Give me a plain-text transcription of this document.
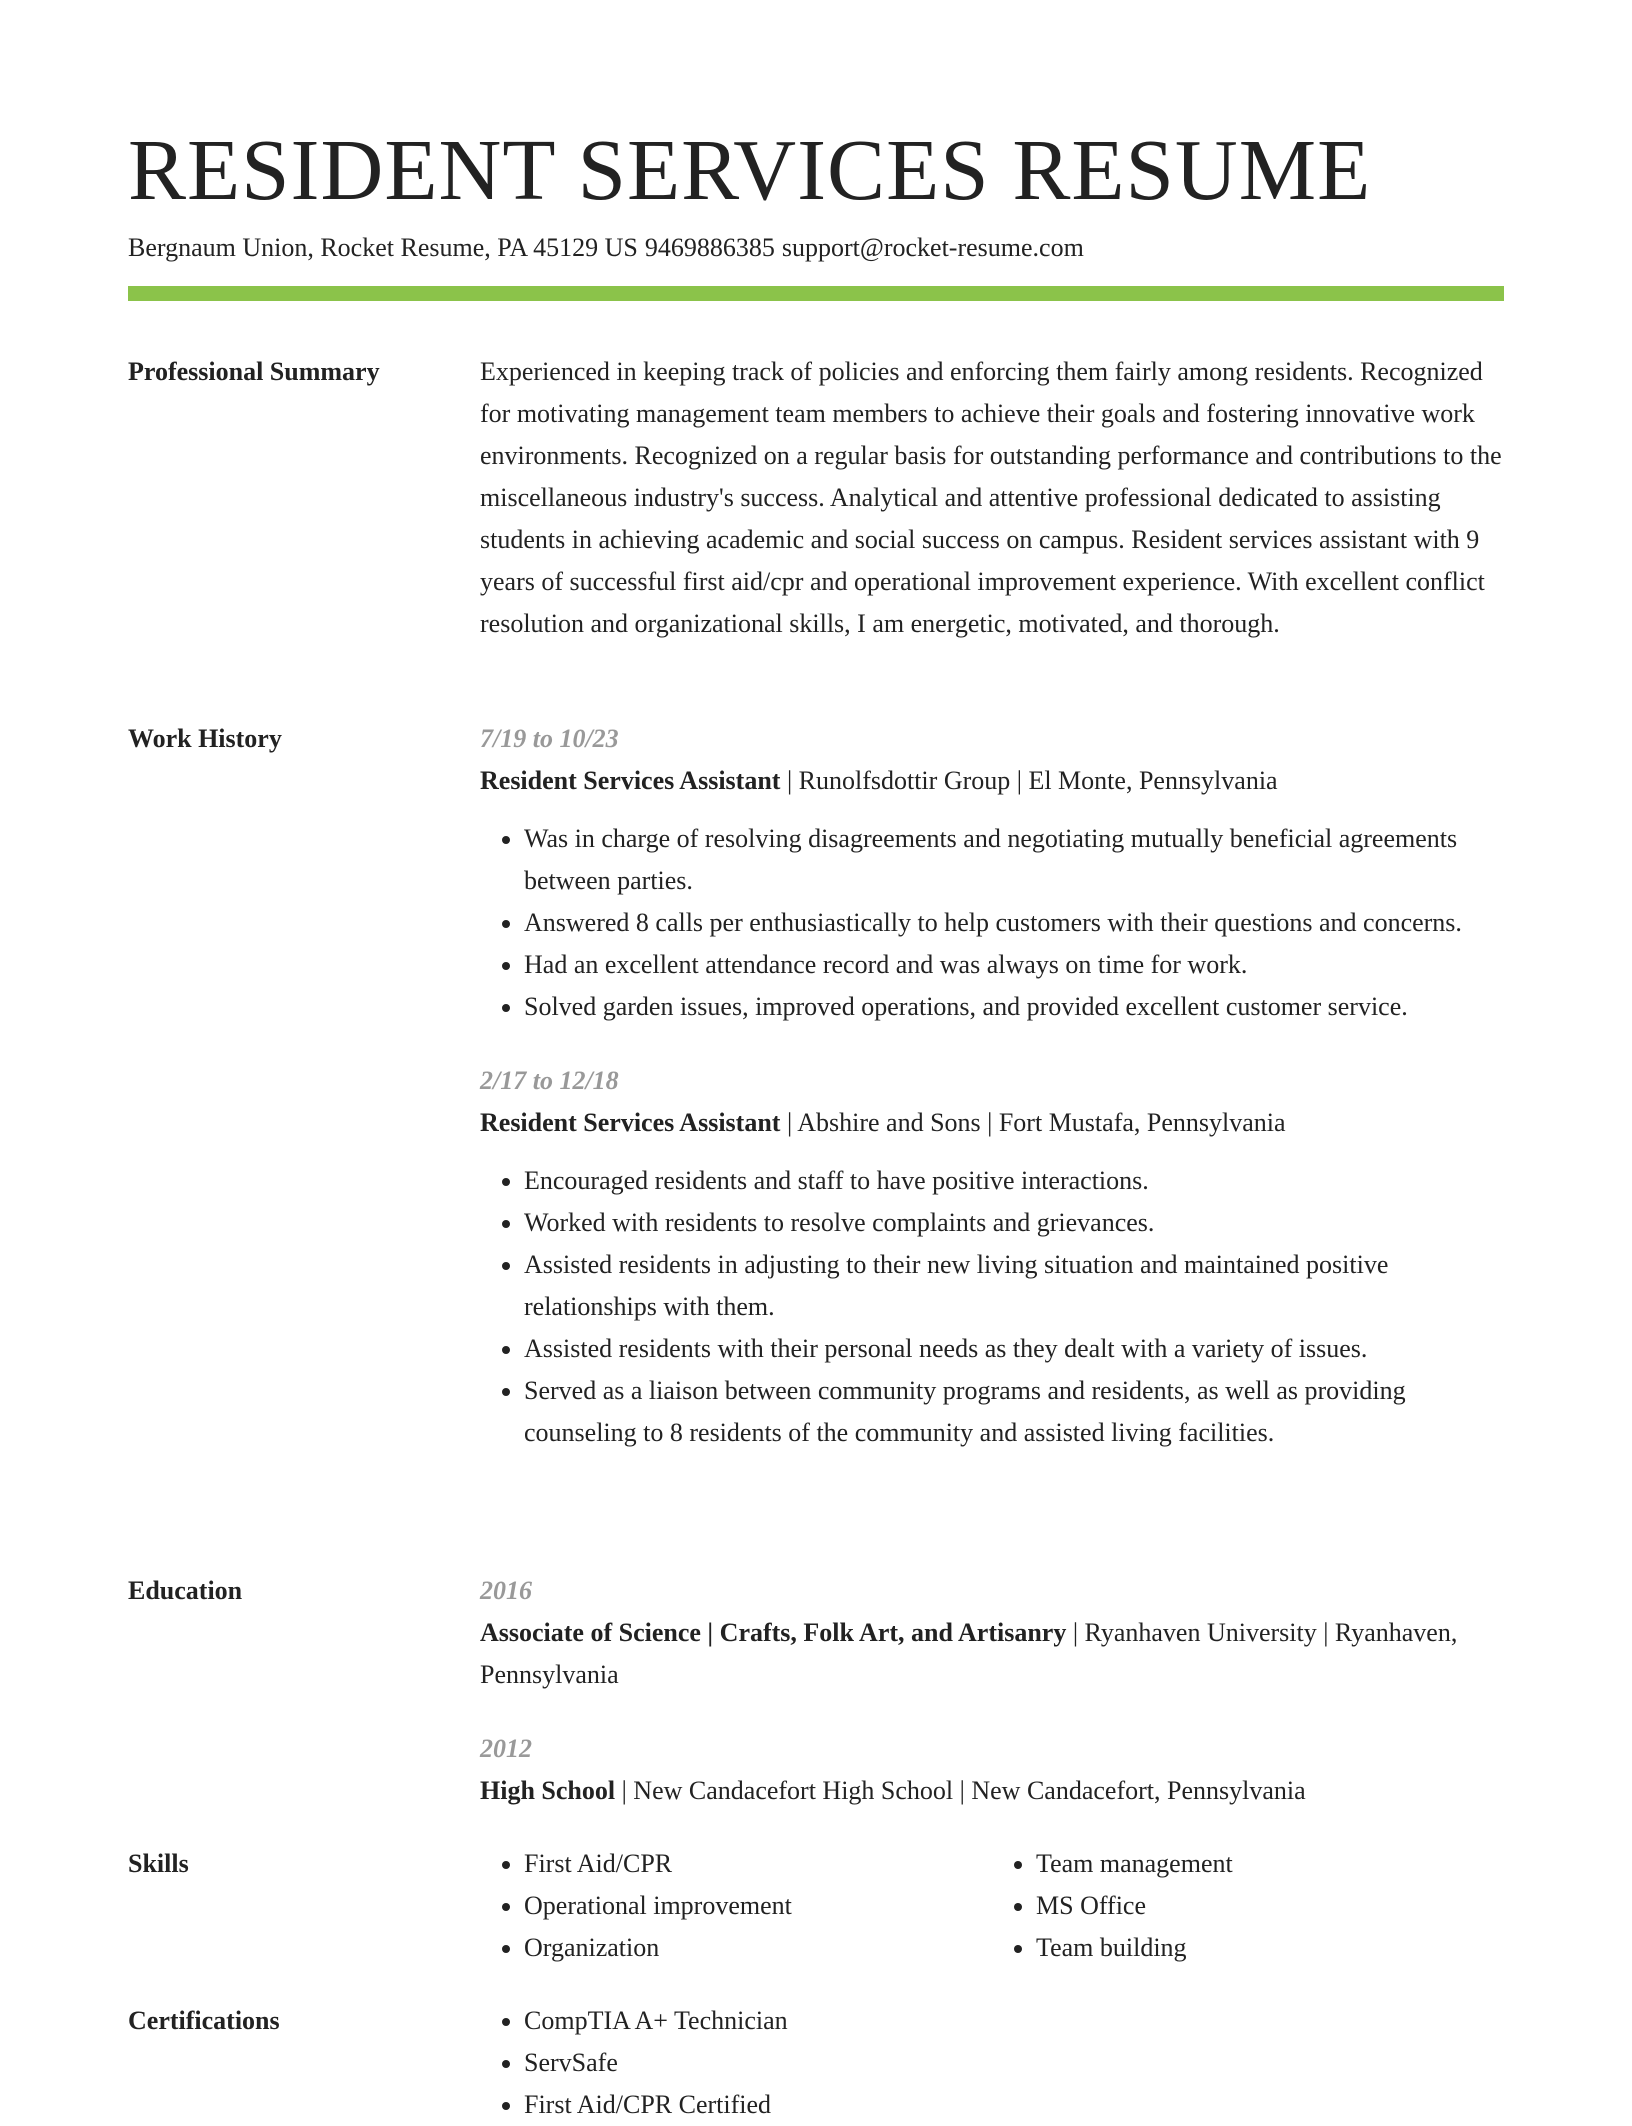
RESIDENT SERVICES RESUME
Bergnaum Union, Rocket Resume, PA 45129 US 9469886385 support@rocket-resume.com
Professional Summary	Experienced in keeping track of policies and enforcing them fairly among residents. Recognized for motivating management team members to achieve their goals and fostering innovative work environments. Recognized on a regular basis for outstanding performance and contributions to the miscellaneous industry's success. Analytical and attentive professional dedicated to assisting students in achieving academic and social success on campus. Resident services assistant with 9 years of successful first aid/cpr and operational improvement experience. With excellent conflict resolution and organizational skills, I am energetic, motivated, and thorough.

Work History	7/19 to 10/23
Resident Services Assistant | Runolfsdottir Group | El Monte, Pennsylvania
• Was in charge of resolving disagreements and negotiating mutually beneficial agreements between parties.
• Answered 8 calls per enthusiastically to help customers with their questions and concerns.
• Had an excellent attendance record and was always on time for work.
• Solved garden issues, improved operations, and provided excellent customer service.
2/17 to 12/18
Resident Services Assistant | Abshire and Sons | Fort Mustafa, Pennsylvania
• Encouraged residents and staff to have positive interactions.
• Worked with residents to resolve complaints and grievances.
• Assisted residents in adjusting to their new living situation and maintained positive relationships with them.
• Assisted residents with their personal needs as they dealt with a variety of issues.
• Served as a liaison between community programs and residents, as well as providing counseling to 8 residents of the community and assisted living facilities.
Education	2016
Associate of Science | Crafts, Folk Art, and Artisanry | Ryanhaven University | Ryanhaven, Pennsylvania
2012
High School | New Candacefort High School | New Candacefort, Pennsylvania
Skills	• First Aid/CPR
• Operational improvement
• Organization
• Team management
• MS Office
• Team building
Certifications	• CompTIA A+ Technician
• ServSafe
• First Aid/CPR Certified
